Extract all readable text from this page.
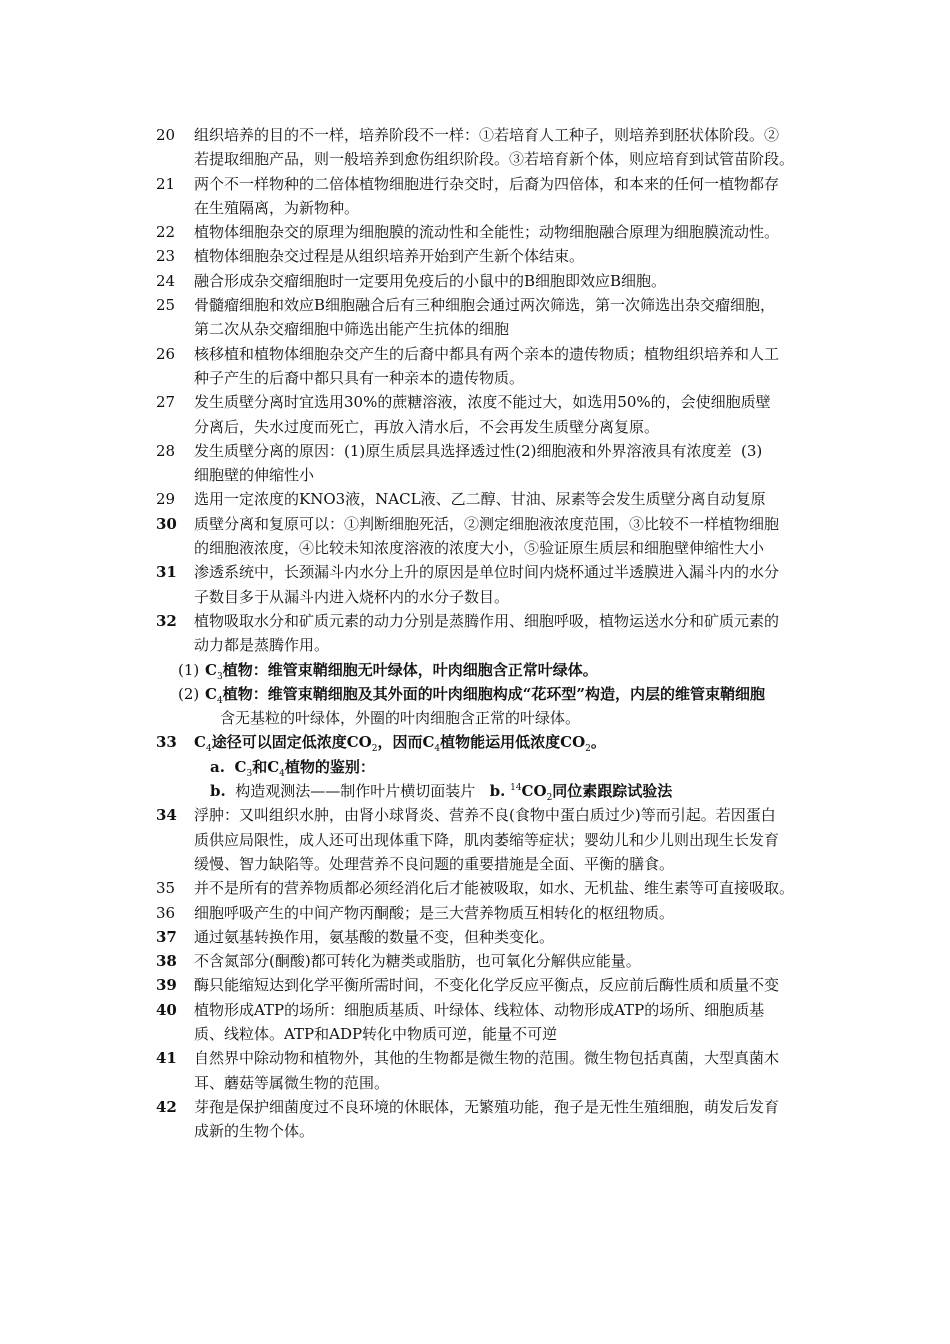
20	组织培养的目的不一样，培养阶段不一样：①若培育人工种子，则培养到胚状体阶段。②
若提取细胞产品，则一般培养到愈伤组织阶段。③若培育新个体，则应培育到试管苗阶段。
21	两个不一样物种的二倍体植物细胞进行杂交时，后裔为四倍体，和本来的任何一植物都存
在生殖隔离，为新物种。
22	植物体细胞杂交的原理为细胞膜的流动性和全能性；动物细胞融合原理为细胞膜流动性。
23	植物体细胞杂交过程是从组织培养开始到产生新个体结束。
24	融合形成杂交瘤细胞时一定要用免疫后的小鼠中的B细胞即效应B细胞。
25	骨髓瘤细胞和效应B细胞融合后有三种细胞会通过两次筛选，第一次筛选出杂交瘤细胞，
第二次从杂交瘤细胞中筛选出能产生抗体的细胞
26	核移植和植物体细胞杂交产生的后裔中都具有两个亲本的遗传物质；植物组织培养和人工
种子产生的后裔中都只具有一种亲本的遗传物质。
27	发生质壁分离时宜选用30%的蔗糖溶液，浓度不能过大，如选用50%的，会使细胞质壁
分离后，失水过度而死亡，再放入清水后，不会再发生质壁分离复原。
28	发生质壁分离的原因：(1)原生质层具选择透过性(2)细胞液和外界溶液具有浓度差  (3)
细胞壁的伸缩性小
29	选用一定浓度的KNO3液，NACL液、乙二醇、甘油、尿素等会发生质壁分离自动复原
30	质壁分离和复原可以：①判断细胞死活，②测定细胞液浓度范围，③比较不一样植物细胞
的细胞液浓度，④比较未知浓度溶液的浓度大小，⑤验证原生质层和细胞壁伸缩性大小
31	渗透系统中，长颈漏斗内水分上升的原因是单位时间内烧杯通过半透膜进入漏斗内的水分
子数目多于从漏斗内进入烧杯内的水分子数目。
32	植物吸取水分和矿质元素的动力分别是蒸腾作用、细胞呼吸，植物运送水分和矿质元素的
动力都是蒸腾作用。
(1) $C_3$植物：维管束鞘细胞无叶绿体，叶肉细胞含正常叶绿体。
(2) $C_4$植物：维管束鞘细胞及其外面的叶肉细胞构成“花环型”构造，内层的维管束鞘细胞
含无基粒的叶绿体，外圈的叶肉细胞含正常的叶绿体。
33	$C_4$途径可以固定低浓度$CO_2$，因而$C_4$植物能运用低浓度$CO_2$。
a. $C_3$和$C_4$植物的鉴别：
b. 构造观测法——制作叶片横切面装片 b. $^{14}CO_2$同位素跟踪试验法
34	浮肿：又叫组织水肿，由肾小球肾炎、营养不良(食物中蛋白质过少)等而引起。若因蛋白
质供应局限性，成人还可出现体重下降，肌肉萎缩等症状；婴幼儿和少儿则出现生长发育
缓慢、智力缺陷等。处理营养不良问题的重要措施是全面、平衡的膳食。
35	并不是所有的营养物质都必须经消化后才能被吸取，如水、无机盐、维生素等可直接吸取。
36	细胞呼吸产生的中间产物丙酮酸；是三大营养物质互相转化的枢纽物质。
37	通过氨基转换作用，氨基酸的数量不变，但种类变化。
38	不含氮部分(酮酸)都可转化为糖类或脂肪，也可氧化分解供应能量。
39	酶只能缩短达到化学平衡所需时间，不变化化学反应平衡点，反应前后酶性质和质量不变
40	植物形成ATP的场所：细胞质基质、叶绿体、线粒体、动物形成ATP的场所、细胞质基
质、线粒体。ATP和ADP转化中物质可逆，能量不可逆
41	自然界中除动物和植物外，其他的生物都是微生物的范围。微生物包括真菌，大型真菌木
耳、蘑菇等属微生物的范围。
42	芽孢是保护细菌度过不良环境的休眠体，无繁殖功能，孢子是无性生殖细胞，萌发后发育
成新的生物个体。
